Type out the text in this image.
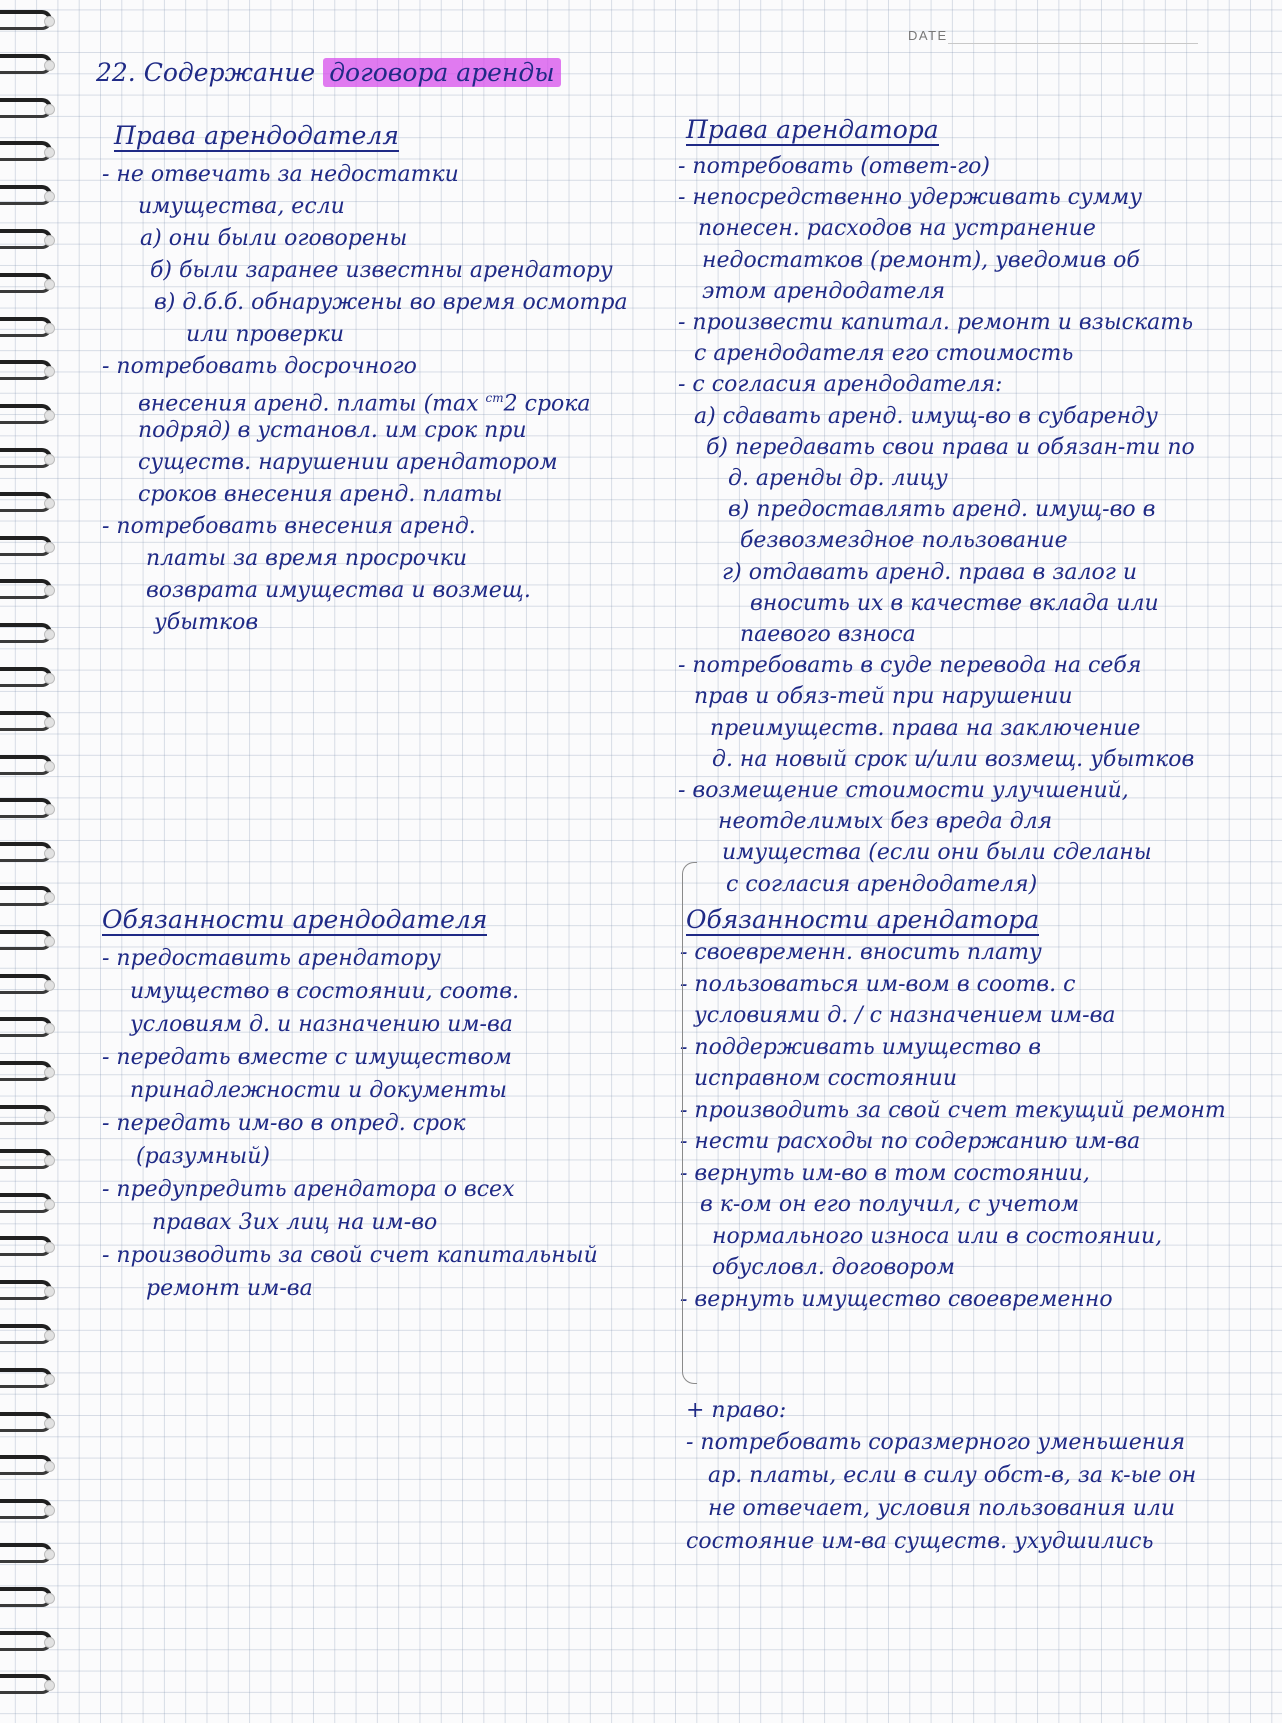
DATE
22. Содержание договора аренды
Права арендодателя
- не отвечать за недостатки
имущества, если
а) они были оговорены
б) были заранее известны арендатору
в) д.б.б. обнаружены во время осмотра
или проверки
- потребовать досрочного
внесения аренд. платы (max $^{ст}$2 срока
подряд) в установл. им срок при
существ. нарушении арендатором
сроков внесения аренд. платы
- потребовать внесения аренд.
платы за время просрочки
возврата имущества и возмещ.
убытков
Права арендатора
- потребовать (ответ-го)
- непосредственно удерживать сумму
понесен. расходов на устранение
недостатков (ремонт), уведомив об
этом арендодателя
- произвести капитал. ремонт и взыскать
с арендодателя его стоимость
- с согласия арендодателя:
а) сдавать аренд. имущ-во в субаренду
б) передавать свои права и обязан-ти по
д. аренды др. лицу
в) предоставлять аренд. имущ-во в
безвозмездное пользование
г) отдавать аренд. права в залог и
вносить их в качестве вклада или
паевого взноса
- потребовать в суде перевода на себя
прав и обяз-тей при нарушении
преимуществ. права на заключение
д. на новый срок и/или возмещ. убытков
- возмещение стоимости улучшений,
неотделимых без вреда для
имущества (если они были сделаны
с согласия арендодателя)
Обязанности арендодателя
- предоставить арендатору
имущество в состоянии, соотв.
условиям д. и назначению им-ва
- передать вместе с имуществом
принадлежности и документы
- передать им-во в опред. срок
(разумный)
- предупредить арендатора о всех
правах 3их лиц на им-во
- производить за свой счет капитальный
ремонт им-ва
Обязанности арендатора
- своевременн. вносить плату
- пользоваться им-вом в соотв. с
условиями д. / с назначением им-ва
- поддерживать имущество в
исправном состоянии
- производить за свой счет текущий ремонт
- нести расходы по содержанию им-ва
- вернуть им-во в том состоянии,
в к-ом он его получил, с учетом
нормального износа или в состоянии,
обусловл. договором
- вернуть имущество своевременно
+ право:
- потребовать соразмерного уменьшения
ар. платы, если в силу обст-в, за к-ые он
не отвечает, условия пользования или
состояние им-ва существ. ухудшились
